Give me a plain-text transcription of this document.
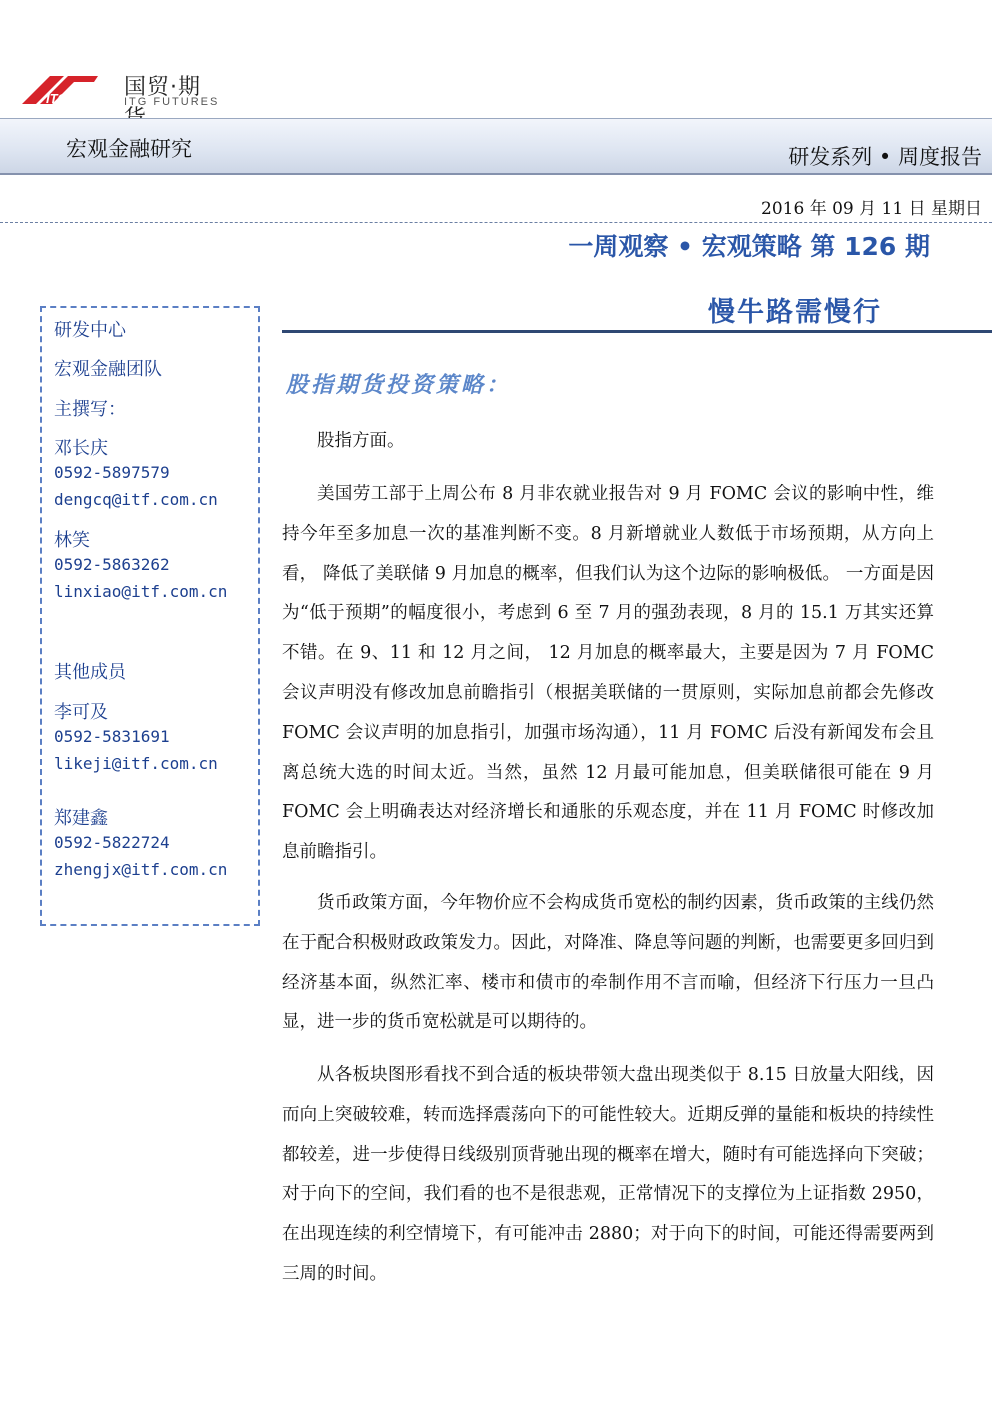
ITG	国贸·期
ITG FUTURES
宏观金融研究	研发系列 • 周度报告
2016 年 09 月 11 日 星期日
一周观察 • 宏观策略 第 126 期
慢牛路需慢行
研发中心
宏观金融团队
主撰写：
邓长庆
0592-5897579
dengcq@itf.com.cn
林笑
0592-5863262
linxiao@itf.com.cn
其他成员
李可及
0592-5831691
likeji@itf.com.cn
郑建鑫
0592-5822724
zhengjx@itf.com.cn
股指期货投资策略：

股指方面。

美国劳工部于上周公布 8 月非农就业报告对 9 月 FOMC 会议的影响中性，维持今年至多加息一次的基准判断不变。8 月新增就业人数低于市场预期，从方向上看， 降低了美联储 9 月加息的概率，但我们认为这个边际的影响极低。 一方面是因为“低于预期”的幅度很小，考虑到 6 至 7 月的强劲表现，8 月的 15.1 万其实还算不错。在 9、11 和 12 月之间， 12 月加息的概率最大，主要是因为 7 月 FOMC 会议声明没有修改加息前瞻指引（根据美联储的一贯原则，实际加息前都会先修改 FOMC 会议声明的加息指引，加强市场沟通），11 月 FOMC 后没有新闻发布会且离总统大选的时间太近。当然，虽然 12 月最可能加息，但美联储很可能在 9 月 FOMC 会上明确表达对经济增长和通胀的乐观态度，并在 11 月 FOMC 时修改加息前瞻指引。

货币政策方面，今年物价应不会构成货币宽松的制约因素，货币政策的主线仍然在于配合积极财政政策发力。因此，对降准、降息等问题的判断，也需要更多回归到经济基本面，纵然汇率、楼市和债市的牵制作用不言而喻，但经济下行压力一旦凸显，进一步的货币宽松就是可以期待的。

从各板块图形看找不到合适的板块带领大盘出现类似于 8.15 日放量大阳线，因而向上突破较难，转而选择震荡向下的可能性较大。近期反弹的量能和板块的持续性都较差，进一步使得日线级别顶背驰出现的概率在增大，随时有可能选择向下突破；对于向下的空间，我们看的也不是很悲观，正常情况下的支撑位为上证指数 2950，在出现连续的利空情境下，有可能冲击 2880；对于向下的时间，可能还得需要两到三周的时间。
